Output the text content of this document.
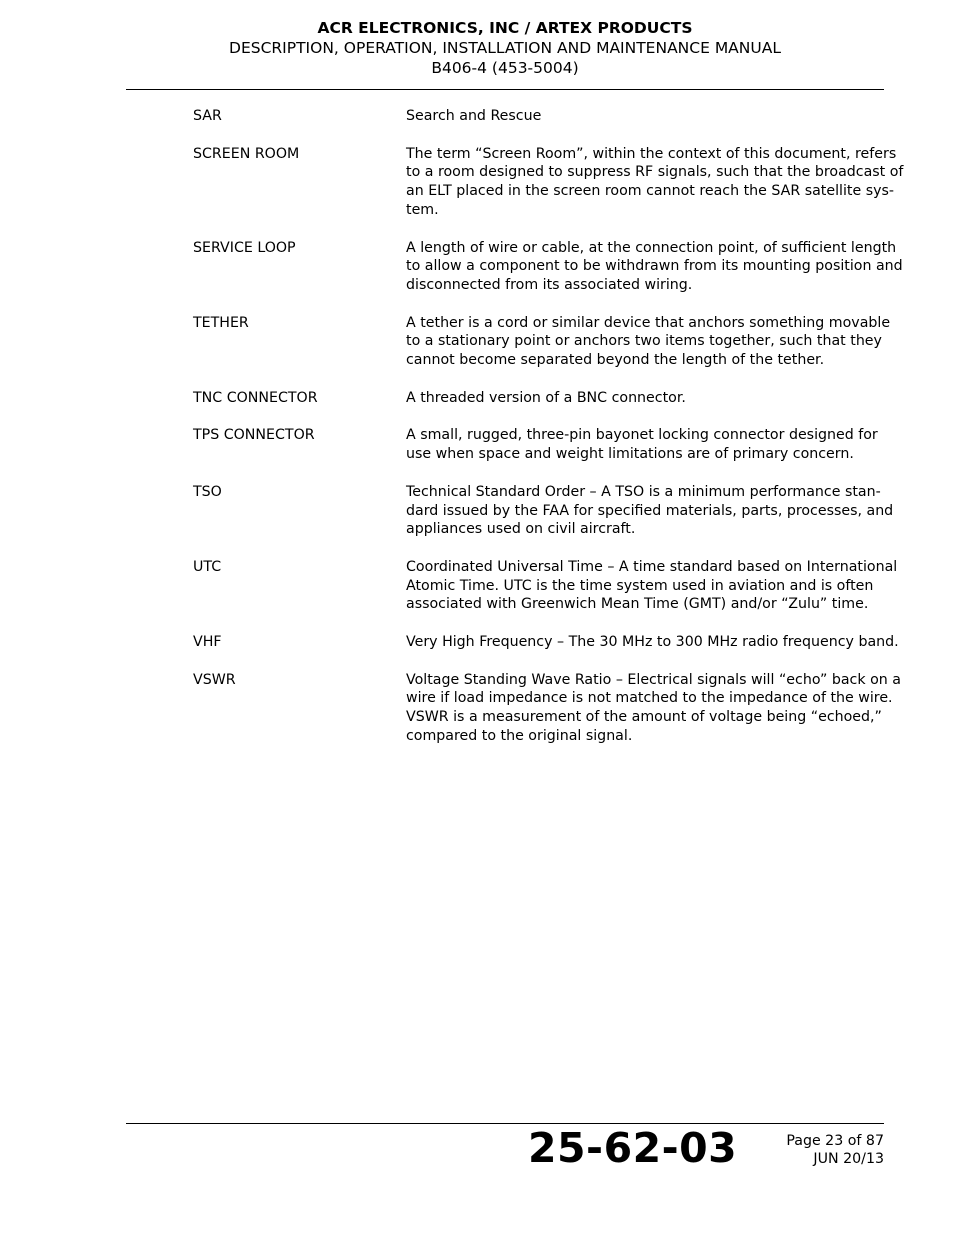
ACR ELECTRONICS, INC / ARTEX PRODUCTS
DESCRIPTION, OPERATION, INSTALLATION AND MAINTENANCE MANUAL
B406-4 (453-5004)
SAR	Search and Rescue
SCREEN ROOM	The term “Screen Room”, within the context of this document, refers
to a room designed to suppress RF signals, such that the broadcast of
an ELT placed in the screen room cannot reach the SAR satellite sys-
tem.
SERVICE LOOP	A length of wire or cable, at the connection point, of sufficient length
to allow a component to be withdrawn from its mounting position and
disconnected from its associated wiring.
TETHER	A tether is a cord or similar device that anchors something movable
to a stationary point or anchors two items together, such that they
cannot become separated beyond the length of the tether.
TNC CONNECTOR	A threaded version of a BNC connector.
TPS CONNECTOR	A small, rugged, three-pin bayonet locking connector designed for
use when space and weight limitations are of primary concern.
TSO	Technical Standard Order – A TSO is a minimum performance stan-
dard issued by the FAA for specified materials, parts, processes, and
appliances used on civil aircraft.
UTC	Coordinated Universal Time – A time standard based on International
Atomic Time. UTC is the time system used in aviation and is often
associated with Greenwich Mean Time (GMT) and/or “Zulu” time.
VHF	Very High Frequency – The 30 MHz to 300 MHz radio frequency band.
VSWR	Voltage Standing Wave Ratio – Electrical signals will “echo” back on a
wire if load impedance is not matched to the impedance of the wire.
VSWR is a measurement of the amount of voltage being “echoed,”
compared to the original signal.
25-62-03	Page 23 of 87
JUN 20/13
